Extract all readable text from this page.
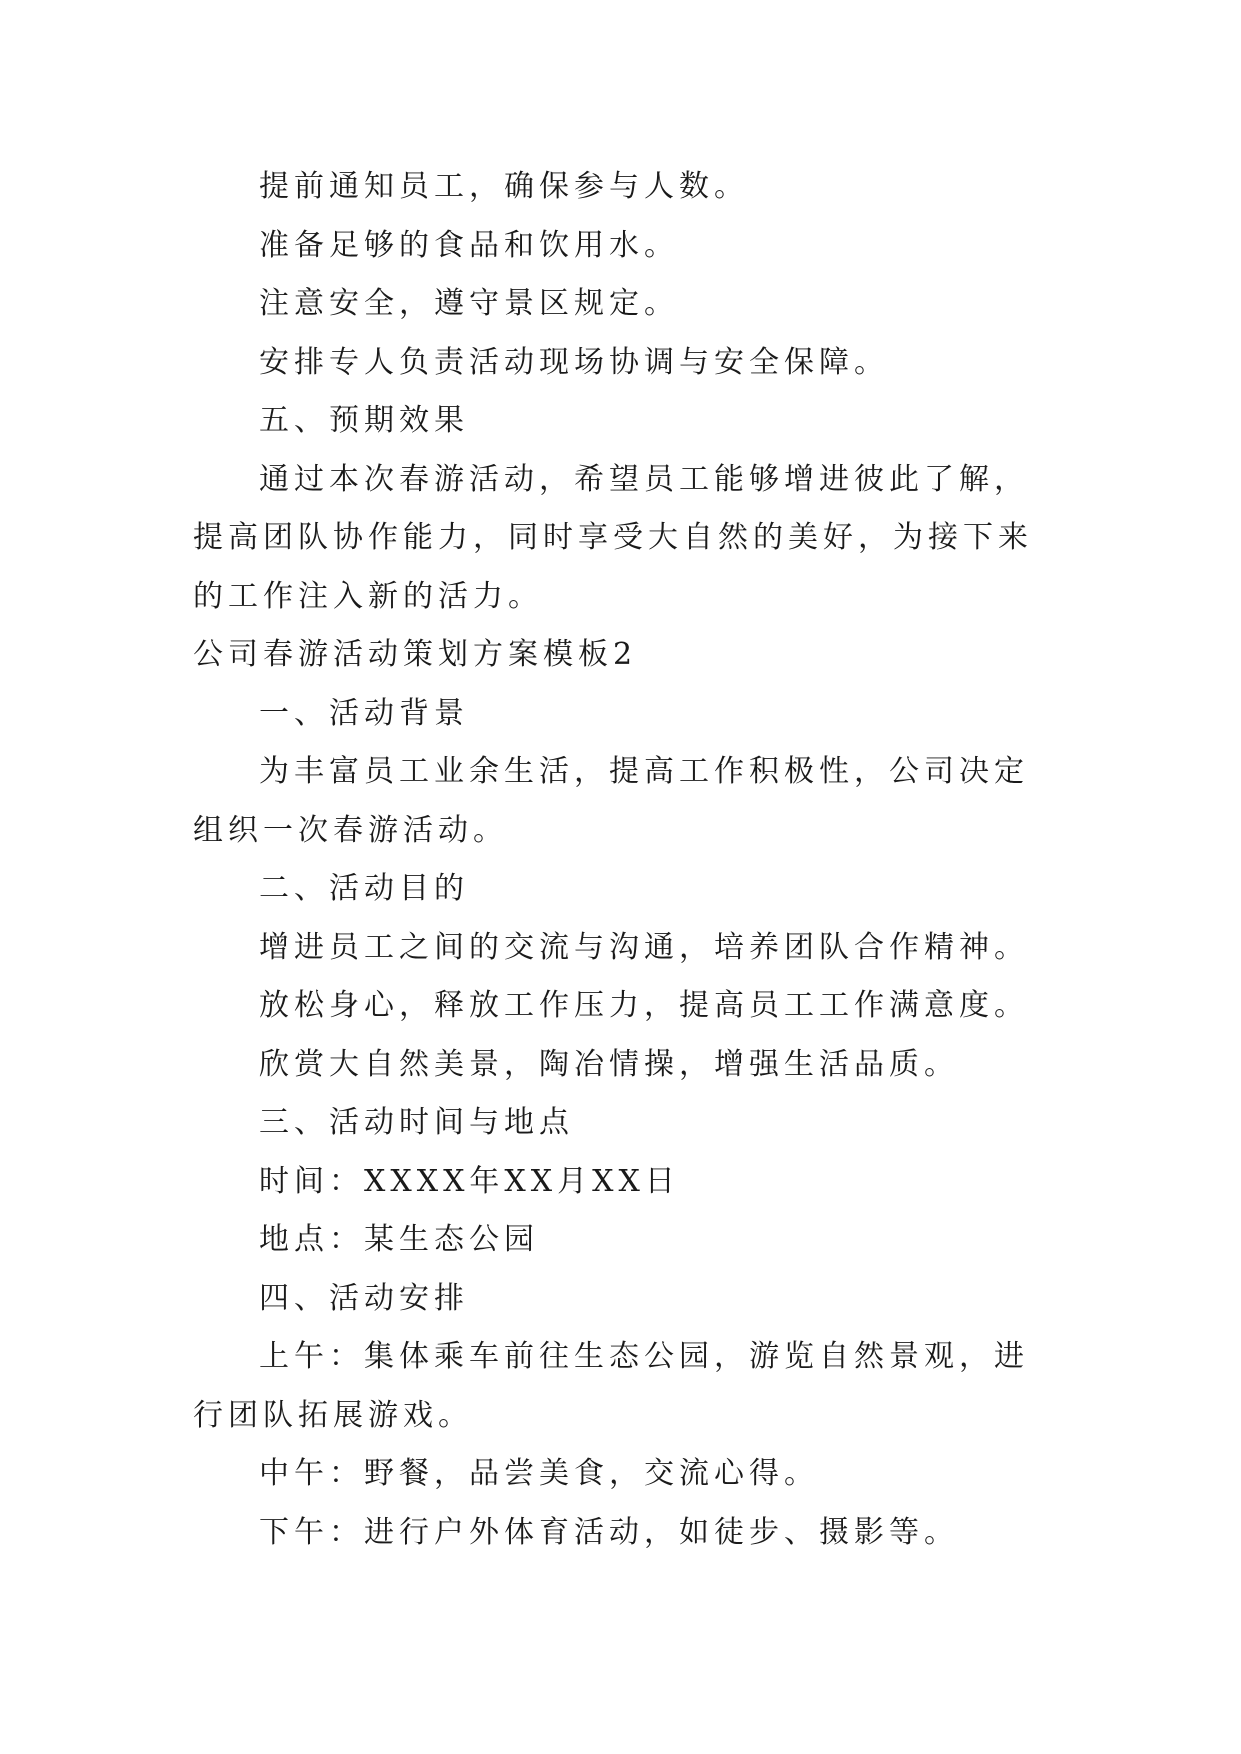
提前通知员工，确保参与人数。

准备足够的食品和饮用水。

注意安全，遵守景区规定。

安排专人负责活动现场协调与安全保障。

五、预期效果

通过本次春游活动，希望员工能够增进彼此了解，提高团队协作能力，同时享受大自然的美好，为接下来的工作注入新的活力。

公司春游活动策划方案模板2

一、活动背景

为丰富员工业余生活，提高工作积极性，公司决定组织一次春游活动。

二、活动目的

增进员工之间的交流与沟通，培养团队合作精神。

放松身心，释放工作压力，提高员工工作满意度。

欣赏大自然美景，陶冶情操，增强生活品质。

三、活动时间与地点

时间：XXXX年XX月XX日

地点：某生态公园

四、活动安排

上午：集体乘车前往生态公园，游览自然景观，进行团队拓展游戏。

中午：野餐，品尝美食，交流心得。

下午：进行户外体育活动，如徒步、摄影等。
